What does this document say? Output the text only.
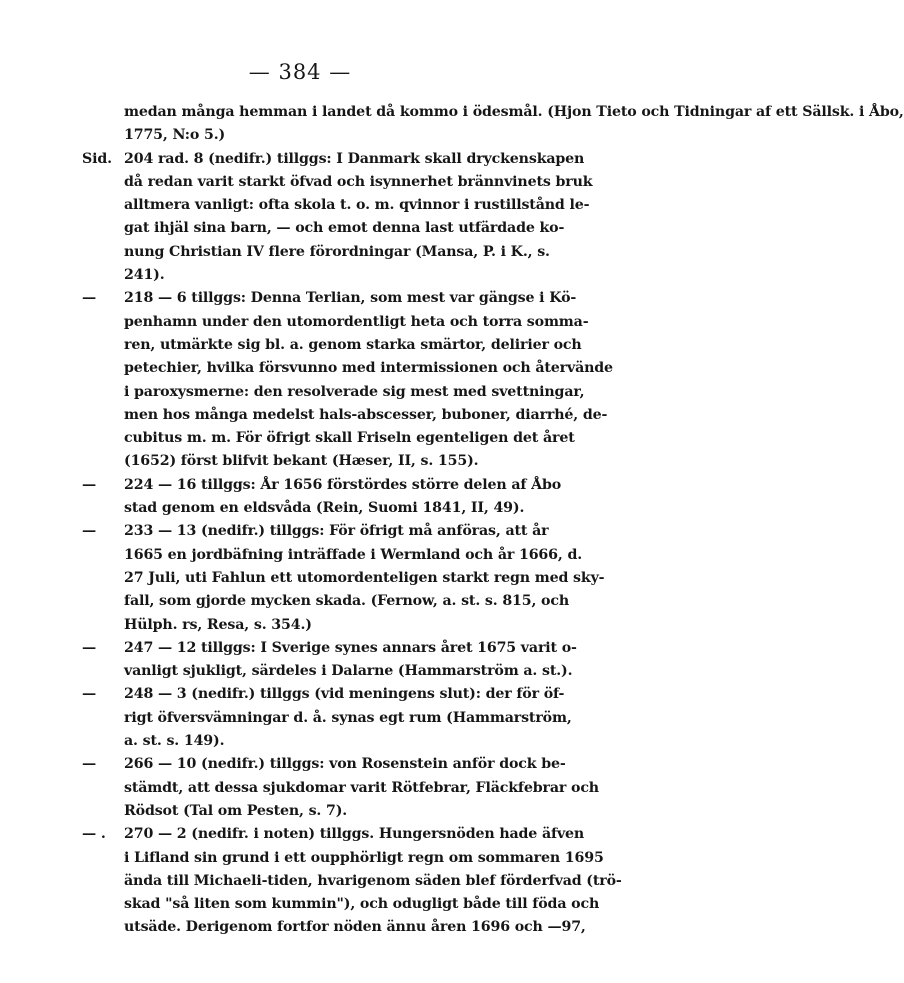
— 384 —
medan många hemman i landet då kommo i ödesmål. (Hjon Tieto och Tidningar af ett Sällsk. i Åbo,
1775, N:o 5.)
Sid. 204 rad. 8 (nedifr.) tillggs: I Danmark skall dryckenskapen
då redan varit starkt öfvad och isynnerhet brännvinets bruk
alltmera vanligt: ofta skola t. o. m. qvinnor i rustillstånd le-
gat ihjäl sina barn, — och emot denna last utfärdade ko-
nung Christian IV flere förordningar (Mansa, P. i K., s.
241).
— 218 — 6 tillggs: Denna Terlian, som mest var gängse i Kö-
penhamn under den utomordentligt heta och torra somma-
ren, utmärkte sig bl. a. genom starka smärtor, delirier och
petechier, hvilka försvunno med intermissionen och återvände
i paroxysmerne: den resolverade sig mest med svettningar,
men hos många medelst hals-abscesser, buboner, diarrhé, de-
cubitus m. m. För öfrigt skall Friseln egenteligen det året
(1652) först blifvit bekant (Hæser, II, s. 155).
— 224 — 16 tillggs: År 1656 förstördes större delen af Åbo
stad genom en eldsvåda (Rein, Suomi 1841, II, 49).
— 233 — 13 (nedifr.) tillggs: För öfrigt må anföras, att år
1665 en jordbäfning inträffade i Wermland och år 1666, d.
27 Juli, uti Fahlun ett utomordenteligen starkt regn med sky-
fall, som gjorde mycken skada. (Fernow, a. st. s. 815, och
Hülph. rs, Resa, s. 354.)
— 247 — 12 tillggs: I Sverige synes annars året 1675 varit o-
vanligt sjukligt, särdeles i Dalarne (Hammarström a. st.).
— 248 — 3 (nedifr.) tillggs (vid meningens slut): der för öf-
rigt öfversvämningar d. å. synas egt rum (Hammarström,
a. st. s. 149).
— 266 — 10 (nedifr.) tillggs: von Rosenstein anför dock be-
stämdt, att dessa sjukdomar varit Rötfebrar, Fläckfebrar och
Rödsot (Tal om Pesten, s. 7).
— . 270 — 2 (nedifr. i noten) tillggs. Hungersnöden hade äfven
i Lifland sin grund i ett oupphörligt regn om sommaren 1695
ända till Michaeli-tiden, hvarigenom säden blef förderfvad (trö-
skad "så liten som kummin"), och odugligt både till föda och
utsäde. Derigenom fortfor nöden ännu åren 1696 och —97,
